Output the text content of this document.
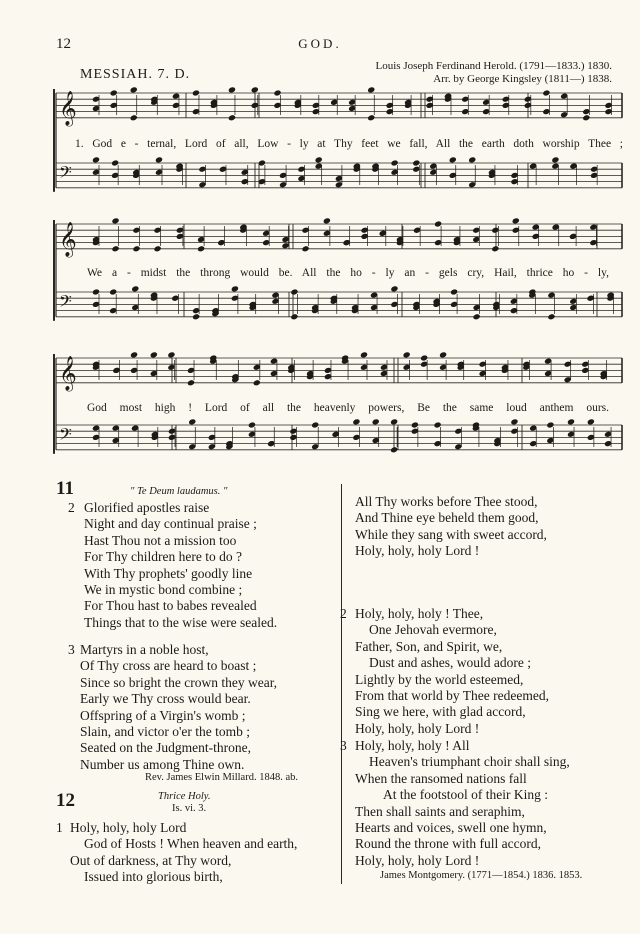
12	GOD.
MESSIAH. 7. D.
Louis Joseph Ferdinand Herold. (1791—1833.) 1830.
Arr. by George Kingsley (1811—) 1838.
𝄞
𝄢
𝄞
𝄢
𝄞
𝄢
1. God e - ternal, Lord of all, Low - ly at Thy feet we fall, All the earth doth worship Thee ;
We a - midst the throng would be. All the ho - ly an - gels cry, Hail, thrice ho - ly,
God most high ! Lord of all the heavenly powers, Be the same loud anthem ours.
11	" Te Deum laudamus. "
2 Glorified apostles raise
Night and day continual praise ;
Hast Thou not a mission too
For Thy children here to do ?
With Thy prophets' goodly line
We in mystic bond combine ;
For Thou hast to babes revealed
Things that to the wise were sealed.
3 Martyrs in a noble host,
Of Thy cross are heard to boast ;
Since so bright the crown they wear,
Early we Thy cross would bear.
Offspring of a Virgin's womb ;
Slain, and victor o'er the tomb ;
Seated on the Judgment-throne,
Number us among Thine own.
Rev. James Elwin Millard. 1848. ab.
12	Thrice Holy.
Is. vi. 3.
1 Holy, holy, holy Lord
God of Hosts ! When heaven and earth,
Out of darkness, at Thy word,
Issued into glorious birth,
All Thy works before Thee stood,
And Thine eye beheld them good,
While they sang with sweet accord,
Holy, holy, holy Lord !
2 Holy, holy, holy ! Thee,
One Jehovah evermore,
Father, Son, and Spirit, we,
Dust and ashes, would adore ;
Lightly by the world esteemed,
From that world by Thee redeemed,
Sing we here, with glad accord,
Holy, holy, holy Lord !
3 Holy, holy, holy ! All
Heaven's triumphant choir shall sing,
When the ransomed nations fall
At the footstool of their King :
Then shall saints and seraphim,
Hearts and voices, swell one hymn,
Round the throne with full accord,
Holy, holy, holy Lord !
James Montgomery. (1771—1854.) 1836. 1853.
